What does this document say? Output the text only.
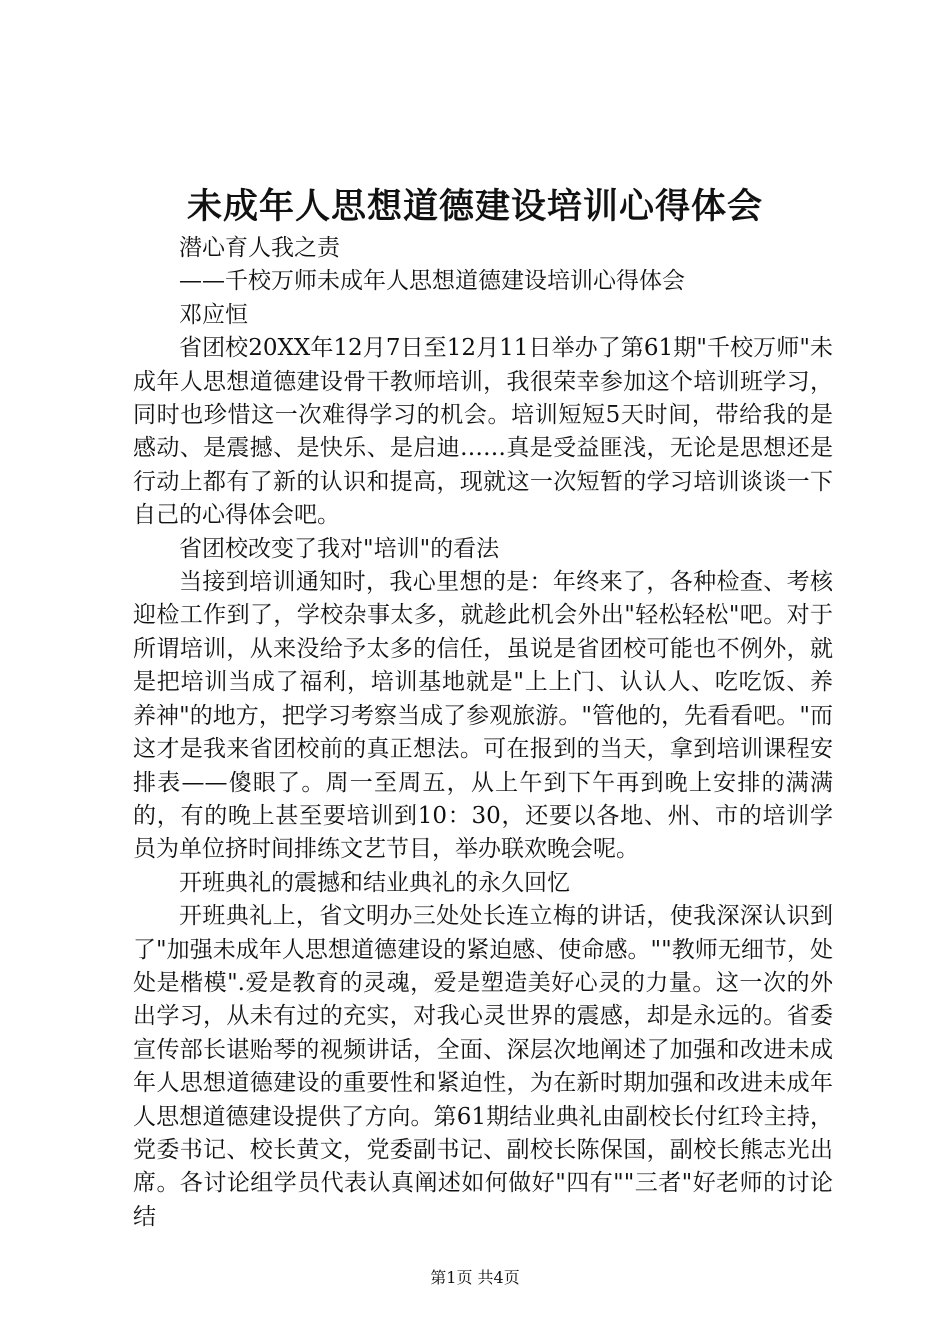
未成年人思想道德建设培训心得体会

潜心育人我之责

——千校万师未成年人思想道德建设培训心得体会

邓应恒

省团校20XX年12月7日至12月11日举办了第61期"千校万师"未成年人思想道德建设骨干教师培训，我很荣幸参加这个培训班学习，同时也珍惜这一次难得学习的机会。培训短短5天时间，带给我的是感动、是震撼、是快乐、是启迪……真是受益匪浅，无论是思想还是行动上都有了新的认识和提高，现就这一次短暂的学习培训谈谈一下自己的心得体会吧。

省团校改变了我对"培训"的看法

当接到培训通知时，我心里想的是：年终来了，各种检查、考核迎检工作到了，学校杂事太多，就趁此机会外出"轻松轻松"吧。对于所谓培训，从来没给予太多的信任，虽说是省团校可能也不例外，就是把培训当成了福利，培训基地就是"上上门、认认人、吃吃饭、养养神"的地方，把学习考察当成了参观旅游。"管他的，先看看吧。"而这才是我来省团校前的真正想法。可在报到的当天，拿到培训课程安排表——傻眼了。周一至周五，从上午到下午再到晚上安排的满满的，有的晚上甚至要培训到10：30，还要以各地、州、市的培训学员为单位挤时间排练文艺节目，举办联欢晚会呢。

开班典礼的震撼和结业典礼的永久回忆

开班典礼上，省文明办三处处长连立梅的讲话，使我深深认识到了"加强未成年人思想道德建设的紧迫感、使命感。""教师无细节，处处是楷模".爱是教育的灵魂，爱是塑造美好心灵的力量。这一次的外出学习，从未有过的充实，对我心灵世界的震感，却是永远的。省委宣传部长谌贻琴的视频讲话，全面、深层次地阐述了加强和改进未成年人思想道德建设的重要性和紧迫性，为在新时期加强和改进未成年人思想道德建设提供了方向。第61期结业典礼由副校长付红玲主持，党委书记、校长黄文，党委副书记、副校长陈保国，副校长熊志光出席。各讨论组学员代表认真阐述如何做好"四有""三者"好老师的讨论结

第1页 共4页
